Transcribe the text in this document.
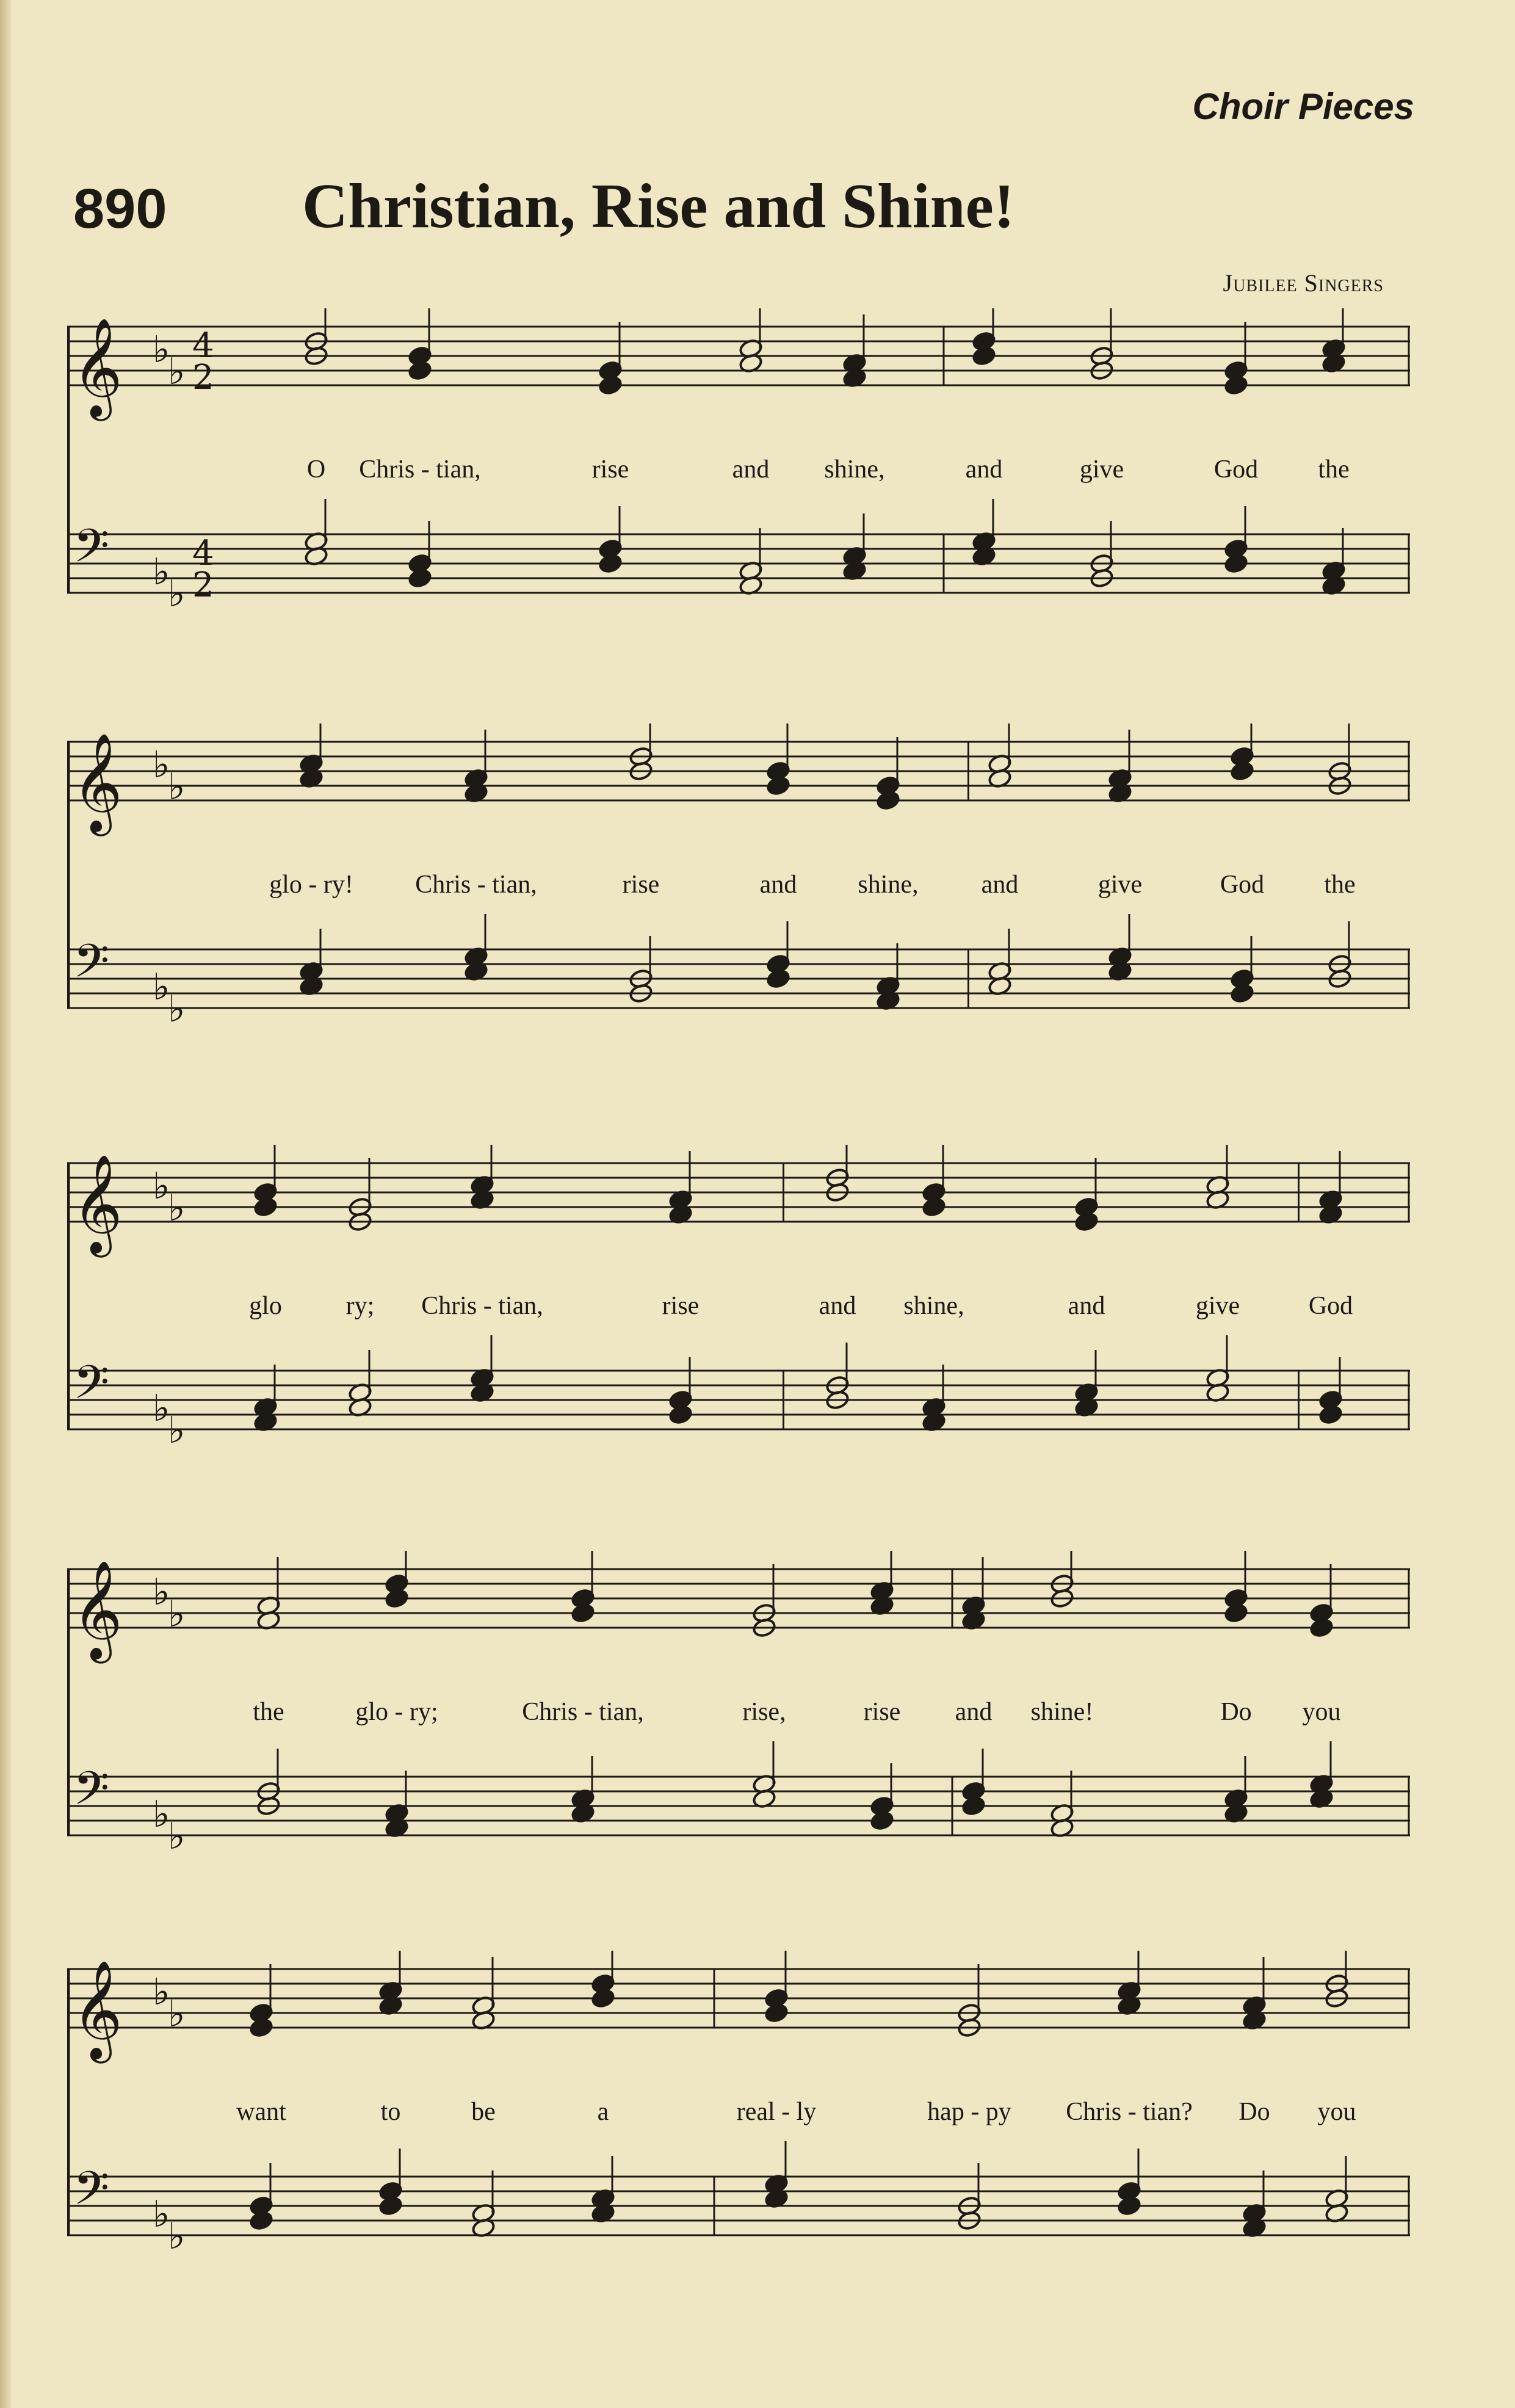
Choir Pieces
890 Christian, Rise and Shine!
Jubilee Singers
𝄞
𝄢
♭
♭
♭
♭
4
2
4
2
O Chris - tian,	rise	and shine,	and	give	God the
𝄞
𝄢
♭
♭
♭
♭
glo - ry! Chris - tian,	rise	and shine, and	give	God the
𝄞
𝄢
♭
♭
♭
♭
glo ry; Chris - tian,	rise	and shine,	and	give	God
𝄞
𝄢
♭
♭
♭
♭
the	glo - ry;	Chris - tian,	rise,	rise and shine!	Do you
𝄞
𝄢
♭
♭
♭
♭
want	to	be	a	real - ly	hap - py Chris - tian? Do you
